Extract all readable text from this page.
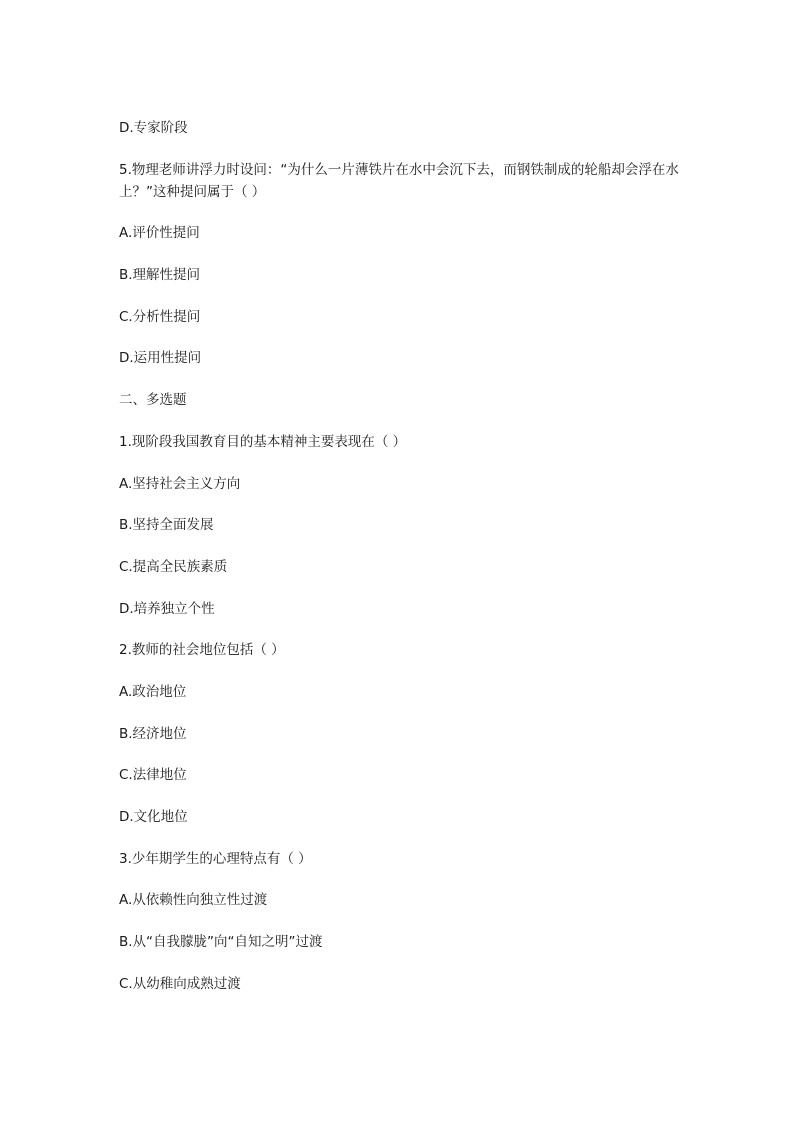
D.专家阶段

5.物理老师讲浮力时设问：“为什么一片薄铁片在水中会沉下去，而钢铁制成的轮船却会浮在水上？”这种提问属于（ ）

A.评价性提问

B.理解性提问

C.分析性提问

D.运用性提问

二、多选题

1.现阶段我国教育目的基本精神主要表现在（ ）

A.坚持社会主义方向

B.坚持全面发展

C.提高全民族素质

D.培养独立个性

2.教师的社会地位包括（ ）

A.政治地位

B.经济地位

C.法律地位

D.文化地位

3.少年期学生的心理特点有（ ）

A.从依赖性向独立性过渡

B.从“自我朦胧”向“自知之明”过渡

C.从幼稚向成熟过渡
